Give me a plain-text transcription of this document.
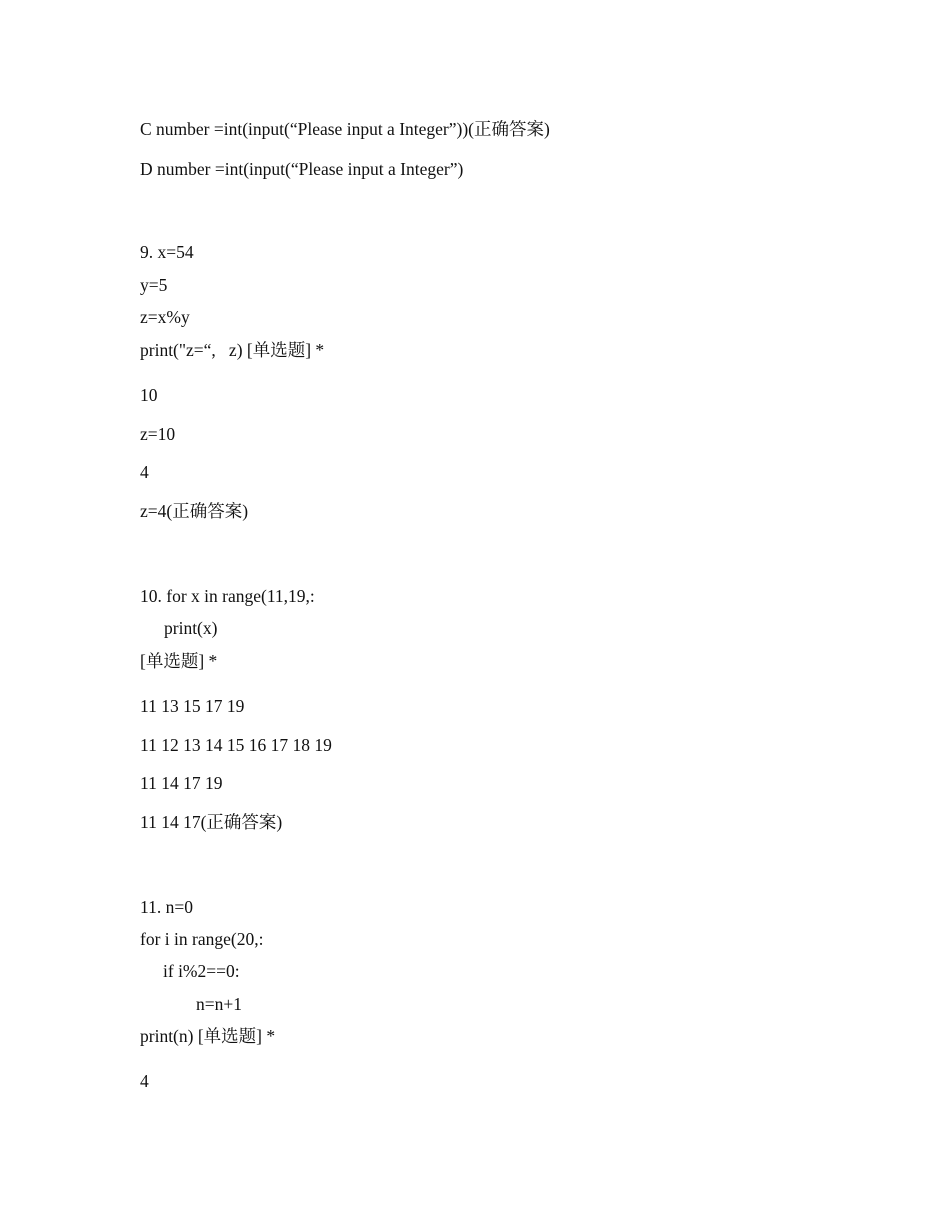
C number =int(input(“Please input a Integer”))(正确答案)
D number =int(input(“Please input a Integer”)
9. x=54
y=5
z=x%y
print("z=“,   z) [单选题] *
10
z=10
4
z=4(正确答案)
10. for x in range(11,19,:
print(x)
[单选题] *
11 13 15 17 19
11 12 13 14 15 16 17 18 19
11 14 17 19
11 14 17(正确答案)
11. n=0
for i in range(20,:
if i%2==0:
n=n+1
print(n) [单选题] *
4
